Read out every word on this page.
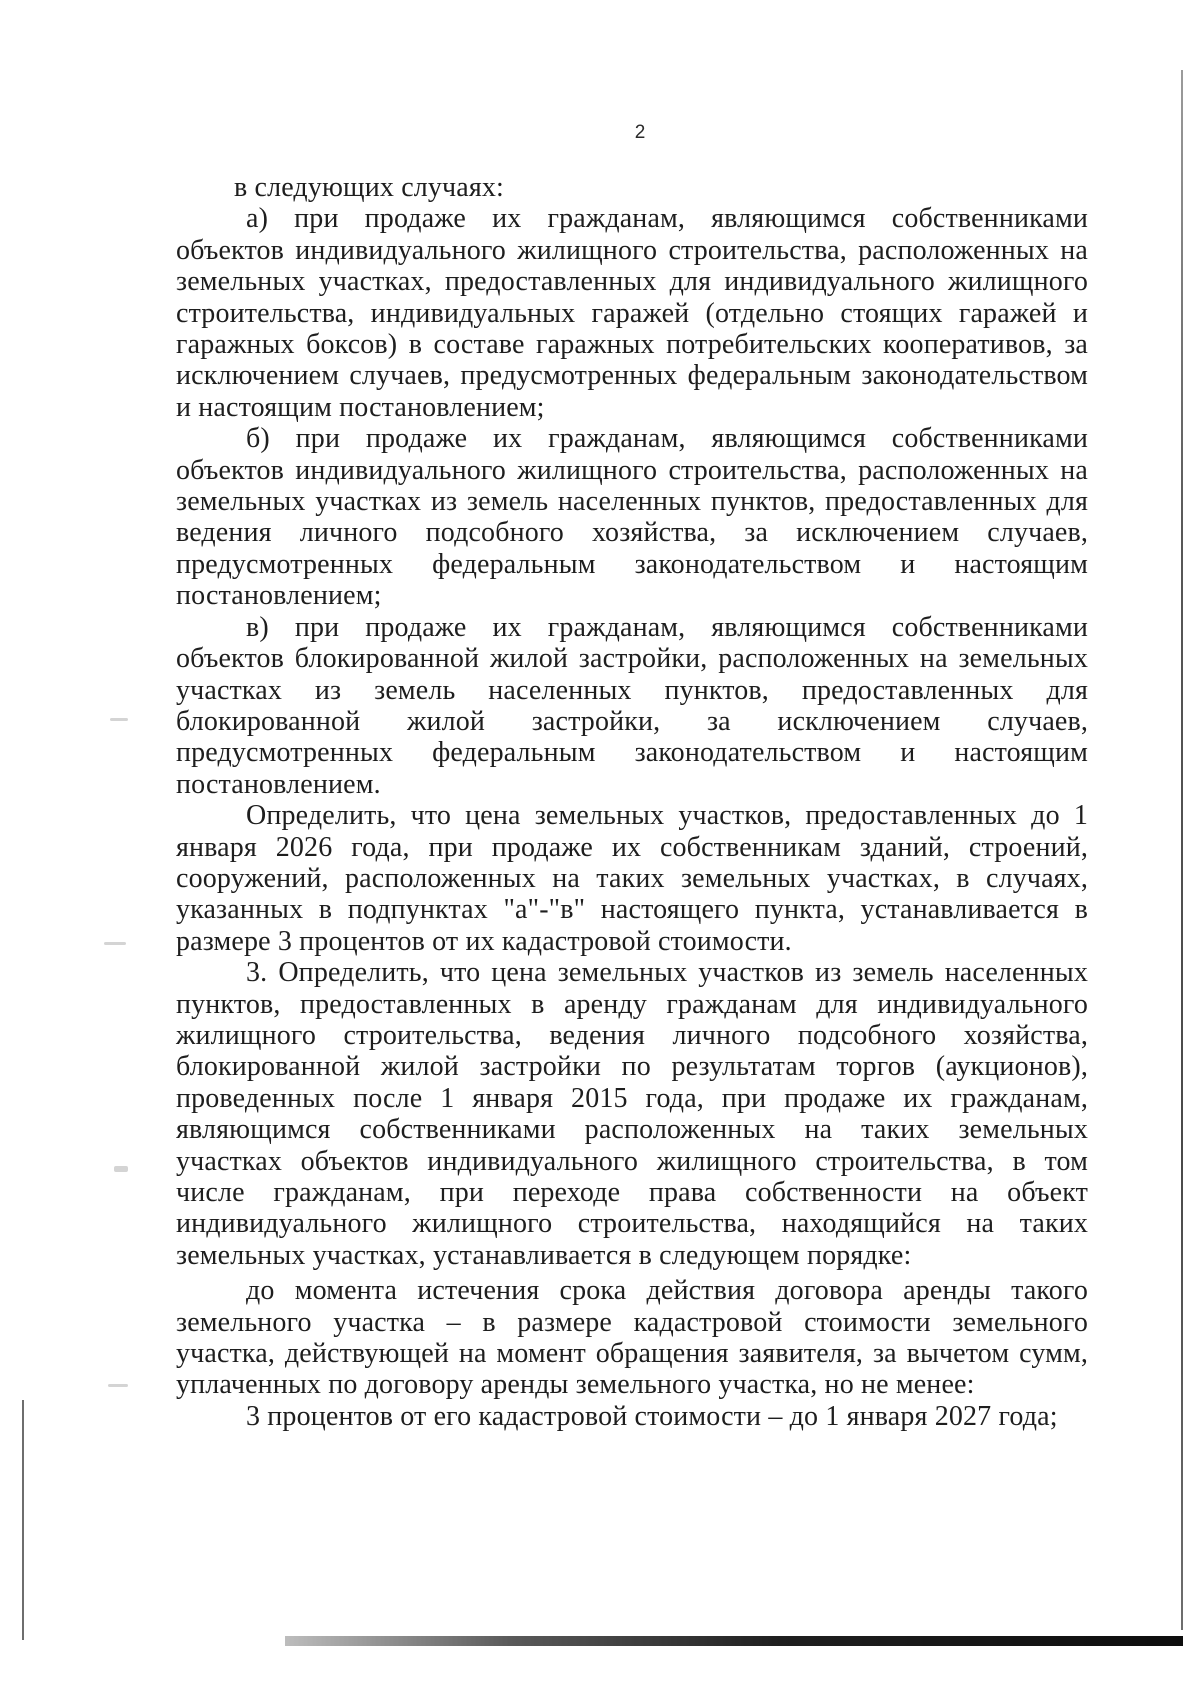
2

в следующих случаях:

а) при продаже их гражданам, являющимся собственниками объектов индивидуального жилищного строительства, расположенных на земельных участках, предоставленных для индивидуального жилищного строительства, индивидуальных гаражей (отдельно стоящих гаражей и гаражных боксов) в составе гаражных потребительских кооперативов, за исключением случаев, предусмотренных федеральным законодательством и настоящим постановлением;

б) при продаже их гражданам, являющимся собственниками объектов индивидуального жилищного строительства, расположенных на земельных участках из земель населенных пунктов, предоставленных для ведения личного подсобного хозяйства, за исключением случаев, предусмотренных федеральным законодательством и настоящим постановлением;

в) при продаже их гражданам, являющимся собственниками объектов блокированной жилой застройки, расположенных на земельных участках из земель населенных пунктов, предоставленных для блокированной жилой застройки, за исключением случаев, предусмотренных федеральным законодательством и настоящим постановлением.

Определить, что цена земельных участков, предоставленных до 1 января 2026 года, при продаже их собственникам зданий, строений, сооружений, расположенных на таких земельных участках, в случаях, указанных в подпунктах "а"-"в" настоящего пункта, устанавливается в размере 3 процентов от их кадастровой стоимости.

3. Определить, что цена земельных участков из земель населенных пунктов, предоставленных в аренду гражданам для индивидуального жилищного строительства, ведения личного подсобного хозяйства, блокированной жилой застройки по результатам торгов (аукционов), проведенных после 1 января 2015 года, при продаже их гражданам, являющимся собственниками расположенных на таких земельных участках объектов индивидуального жилищного строительства, в том числе гражданам, при переходе права собственности на объект индивидуального жилищного строительства, находящийся на таких земельных участках, устанавливается в следующем порядке:

до момента истечения срока действия договора аренды такого земельного участка – в размере кадастровой стоимости земельного участка, действующей на момент обращения заявителя, за вычетом сумм, уплаченных по договору аренды земельного участка, но не менее:

3 процентов от его кадастровой стоимости – до 1 января 2027 года;
